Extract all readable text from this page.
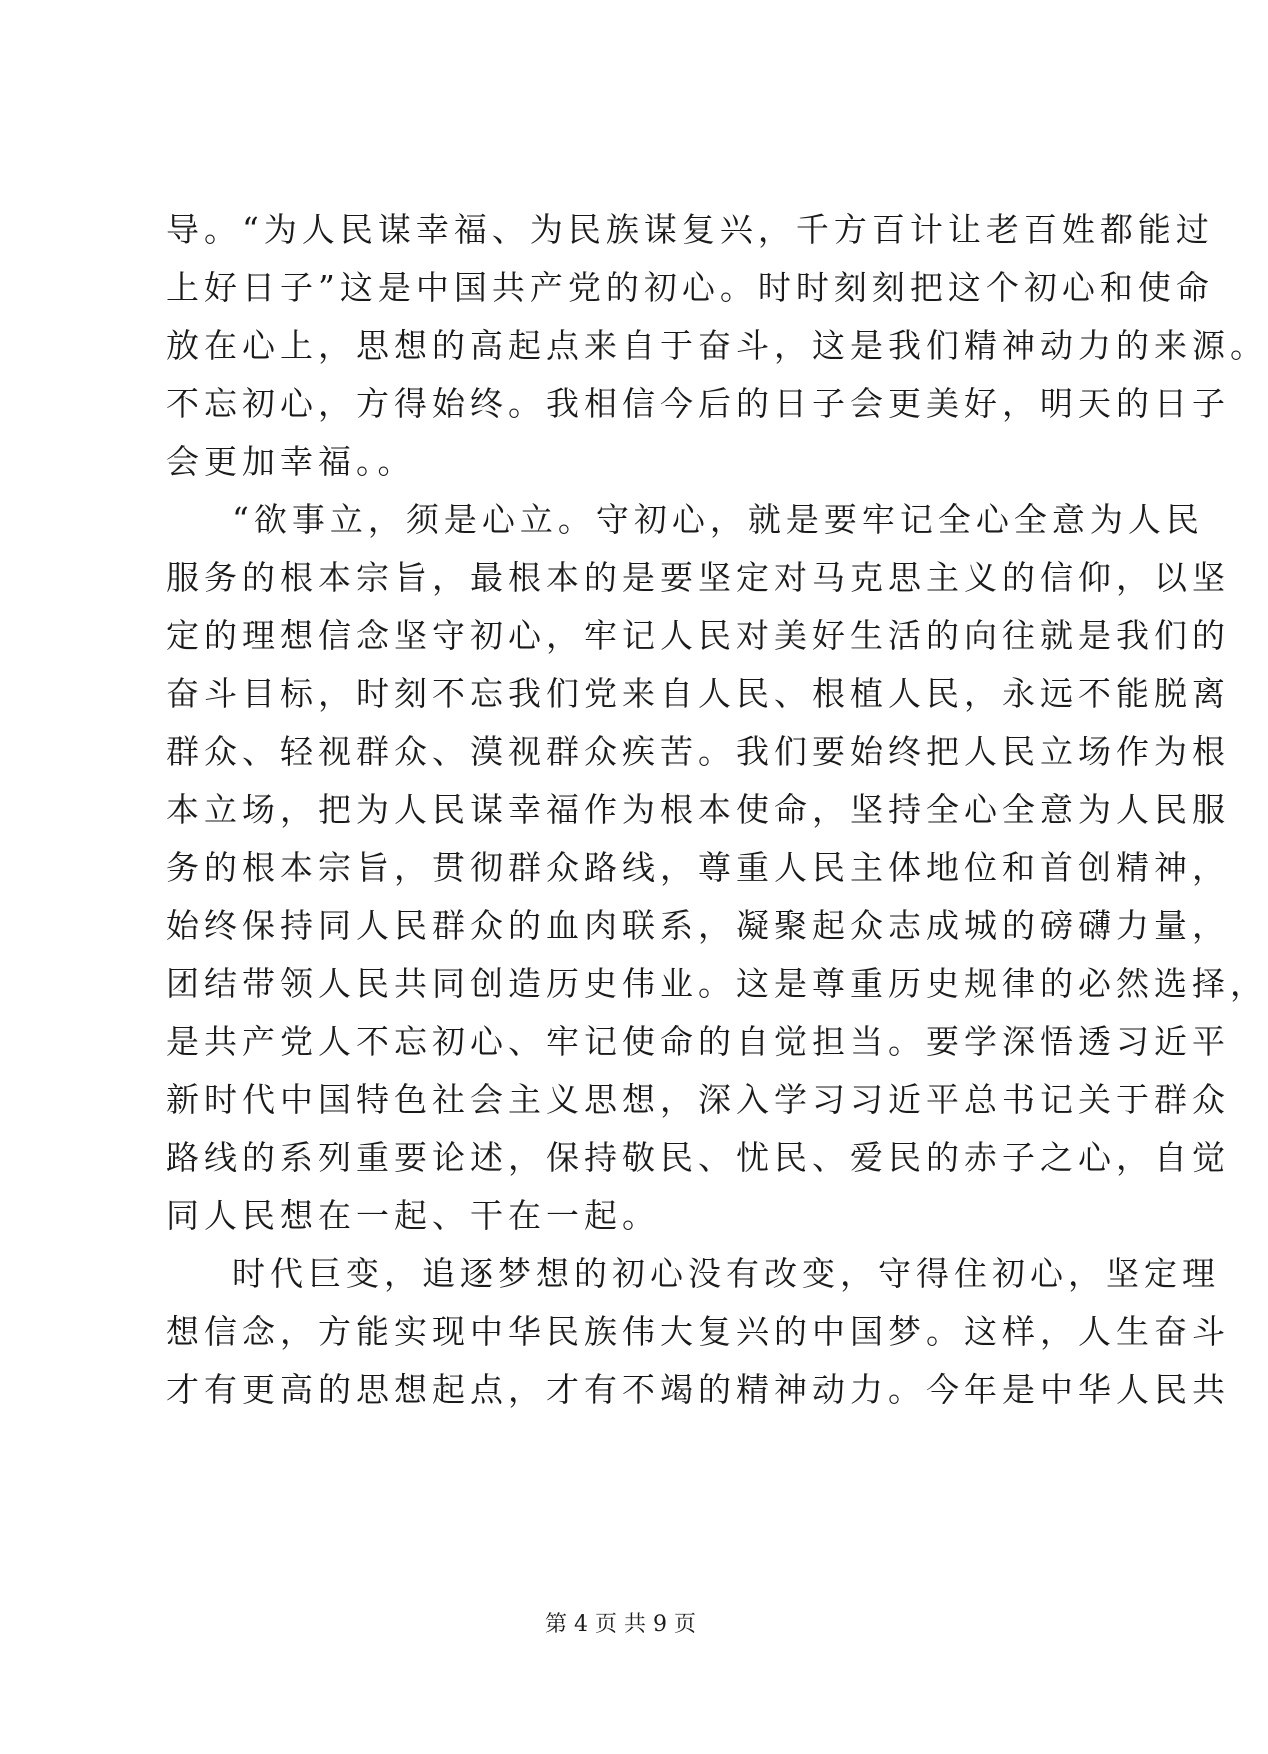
导。“为人民谋幸福、为民族谋复兴，千方百计让老百姓都能过
上好日子”这是中国共产党的初心。时时刻刻把这个初心和使命
放在心上，思想的高起点来自于奋斗，这是我们精神动力的来源。
不忘初心，方得始终。我相信今后的日子会更美好，明天的日子
会更加幸福。。
“欲事立，须是心立。守初心，就是要牢记全心全意为人民
服务的根本宗旨，最根本的是要坚定对马克思主义的信仰，以坚
定的理想信念坚守初心，牢记人民对美好生活的向往就是我们的
奋斗目标，时刻不忘我们党来自人民、根植人民，永远不能脱离
群众、轻视群众、漠视群众疾苦。我们要始终把人民立场作为根
本立场，把为人民谋幸福作为根本使命，坚持全心全意为人民服
务的根本宗旨，贯彻群众路线，尊重人民主体地位和首创精神，
始终保持同人民群众的血肉联系，凝聚起众志成城的磅礴力量，
团结带领人民共同创造历史伟业。这是尊重历史规律的必然选择，
是共产党人不忘初心、牢记使命的自觉担当。要学深悟透习近平
新时代中国特色社会主义思想，深入学习习近平总书记关于群众
路线的系列重要论述，保持敬民、忧民、爱民的赤子之心，自觉
同人民想在一起、干在一起。
时代巨变，追逐梦想的初心没有改变，守得住初心，坚定理
想信念，方能实现中华民族伟大复兴的中国梦。这样，人生奋斗
才有更高的思想起点，才有不竭的精神动力。今年是中华人民共
第 4 页 共 9 页
